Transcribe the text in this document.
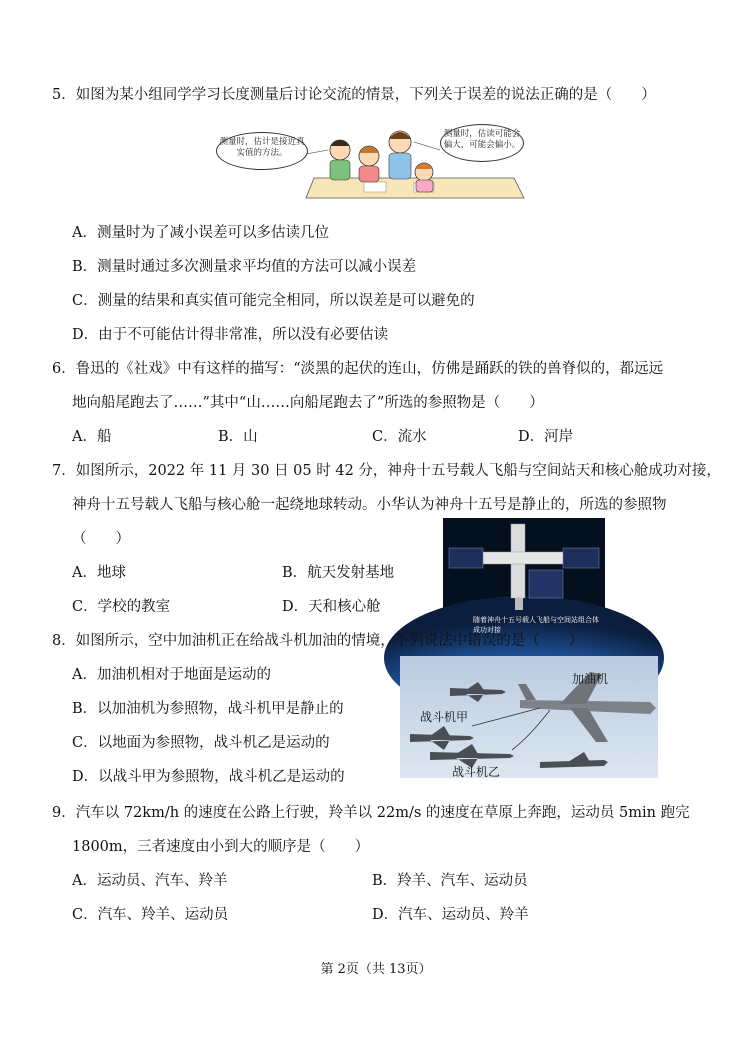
5．如图为某小组同学学习长度测量后讨论交流的情景，下列关于误差的说法正确的是（　　）
测量时，估计是接近真实值的方法。
测量时，估读可能会偏大，可能会偏小。
A．测量时为了减小误差可以多估读几位
B．测量时通过多次测量求平均值的方法可以减小误差
C．测量的结果和真实值可能完全相同，所以误差是可以避免的
D．由于不可能估计得非常准，所以没有必要估读
6．鲁迅的《社戏》中有这样的描写：“淡黑的起伏的连山，仿佛是踊跃的铁的兽脊似的，都远远
地向船尾跑去了……”其中“山……向船尾跑去了”所选的参照物是（　　）
A．船	B．山	C．流水	D．河岸
7．如图所示，2022 年 11 月 30 日 05 时 42 分，神舟十五号载人飞船与空间站天和核心舱成功对接，
神舟十五号载人飞船与核心舱一起绕地球转动。小华认为神舟十五号是静止的，所选的参照物
（　　）
随着神舟十五号载人飞船与空间站组合体成功对接
A．地球	B．航天发射基地
C．学校的教室	D．天和核心舱
8．如图所示，空中加油机正在给战斗机加油的情境，下列说法中错误的是（　　）
加油机
战斗机甲
战斗机乙
A．加油机相对于地面是运动的
B．以加油机为参照物，战斗机甲是静止的
C．以地面为参照物，战斗机乙是运动的
D．以战斗甲为参照物，战斗机乙是运动的
9．汽车以 72km/h 的速度在公路上行驶，羚羊以 22m/s 的速度在草原上奔跑，运动员 5min 跑完
1800m，三者速度由小到大的顺序是（　　）
A．运动员、汽车、羚羊	B．羚羊、汽车、运动员
C．汽车、羚羊、运动员	D．汽车、运动员、羚羊
第 2页（共 13页）
